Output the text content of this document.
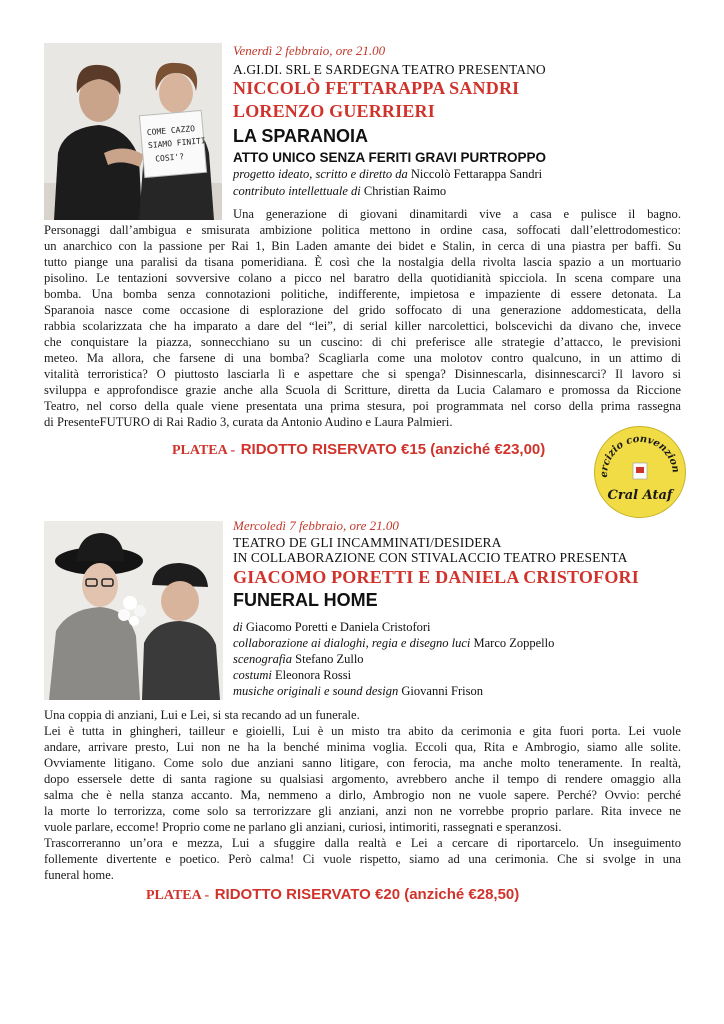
COME CAZZO
SIAMO FINITI
COSI'?
Venerdì 2 febbraio, ore 21.00
A.GI.DI. SRL E SARDEGNA TEATRO PRESENTANO
NICCOLÒ FETTARAPPA SANDRI
LORENZO GUERRIERI
LA SPARANOIA
ATTO UNICO SENZA FERITI GRAVI PURTROPPO
progetto ideato, scritto e diretto da Niccolò Fettarappa Sandri
contributo intellettuale di Christian Raimo
Una generazione di giovani dinamitardi vive a casa e pulisce il bagno.
Personaggi dall’ambigua e smisurata ambizione politica mettono in ordine casa, soffocati dall’elettrodomestico:
un anarchico con la passione per Rai 1, Bin Laden amante dei bidet e Stalin, in cerca di una piastra per baffi. Su
tutto piange una paralisi da tisana pomeridiana. È così che la nostalgia della rivolta lascia spazio a un mortuario
pisolino. Le tentazioni sovversive colano a picco nel baratro della quotidianità spicciola. In scena compare una
bomba. Una bomba senza connotazioni politiche, indifferente, impietosa e impaziente di essere detonata. La
Sparanoia nasce come occasione di esplorazione del grido soffocato di una generazione addomesticata, della
rabbia scolarizzata che ha imparato a dare del “lei”, di serial killer narcolettici, bolscevichi da divano che, invece
che conquistare la piazza, sonnecchiano su un cuscino: di chi preferisce alle strategie d’attacco, le previsioni
meteo. Ma allora, che farsene di una bomba? Scagliarla come una molotov contro qualcuno, in un attimo di
vitalità terroristica? O piuttosto lasciarla lì e aspettare che si spenga? Disinnescarla, disinnescarci? Il lavoro si
sviluppa e approfondisce grazie anche alla Scuola di Scritture, diretta da Lucia Calamaro e promossa da Riccione
Teatro, nel corso della quale viene presentata una prima stesura, poi programmata nel corso della prima rassegna
di PresenteFUTURO di Rai Radio 3, curata da Antonio Audino e Laura Palmieri.
PLATEA - RIDOTTO RISERVATO €15 (anziché €23,00)
ercizio convenzion
Cral Ataf
Mercoledì 7 febbraio, ore 21.00
TEATRO DE GLI INCAMMINATI/DESIDERA
IN COLLABORAZIONE CON STIVALACCIO TEATRO PRESENTA
GIACOMO PORETTI E DANIELA CRISTOFORI
FUNERAL HOME
di Giacomo Poretti e Daniela Cristofori
collaborazione ai dialoghi, regia e disegno luci Marco Zoppello
scenografia Stefano Zullo
costumi Eleonora Rossi
musiche originali e sound design Giovanni Frison
Una coppia di anziani, Lui e Lei, si sta recando ad un funerale.
Lei è tutta in ghingheri, tailleur e gioielli, Lui è un misto tra abito da cerimonia e gita fuori porta. Lei vuole
andare, arrivare presto, Lui non ne ha la benché minima voglia. Eccoli qua, Rita e Ambrogio, siamo alle solite.
Ovviamente litigano. Come solo due anziani sanno litigare, con ferocia, ma anche molto teneramente. In realtà,
dopo essersele dette di santa ragione su qualsiasi argomento, avrebbero anche il tempo di rendere omaggio alla
salma che è nella stanza accanto. Ma, nemmeno a dirlo, Ambrogio non ne vuole sapere. Perché? Ovvio: perché
la morte lo terrorizza, come solo sa terrorizzare gli anziani, anzi non ne vorrebbe proprio parlare. Rita invece ne
vuole parlare, eccome! Proprio come ne parlano gli anziani, curiosi, intimoriti, rassegnati e speranzosi.
Trascorreranno un’ora e mezza, Lui a sfuggire dalla realtà e Lei a cercare di riportarcelo. Un inseguimento
follemente divertente e poetico. Però calma! Ci vuole rispetto, siamo ad una cerimonia. Che si svolge in una
funeral home.
PLATEA - RIDOTTO RISERVATO €20 (anziché €28,50)
